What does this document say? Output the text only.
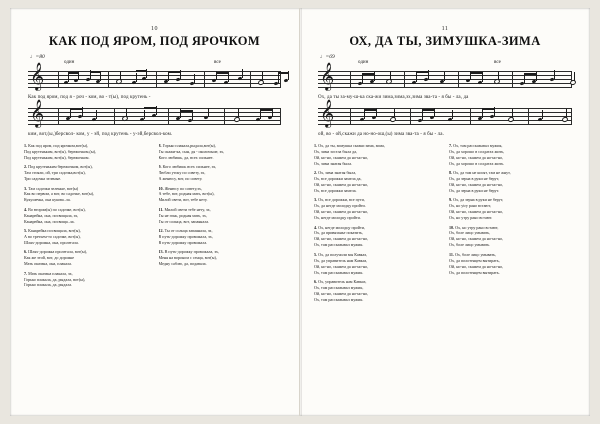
10
КАК ПОД ЯРОМ, ПОД ЯРОЧКОМ
♩=80
один	все
𝄞
Как под яром, под я - роч - ком, во - т(ы), под крутень -
𝄞
ким, вот,(ы,)берсвол- ком, у - эй, под крутень - у-эй,берсвол-ком.
1. Как под яром, под ярочком,вот(ы),
Под крутеньким, вот(ы), бережочком,(ы),
Под крутеньким, вот(ы), бережочком.
2. Под крутеньким бережочком, вот(ы),
Там стояли, ой, три садочка,вот(ы),
Три садочка зеленые.
3. Там садочки зеленые, вот(ы)
Как во первом, а вот, во садочке, вот(ы),
Кукушечка, она кукова..ла.
4. Во втором(ы) по садочке, вот(ы),
Канарейка, она, посвищала, эх,
Канарейка, она, посвища..ла.
5. Канарейка посвищала, вот(ы),
А во третьем-то садочке, вот(ы),
Шлях-дорожка, она, пролегала.
6. Шлях-дорожка пролегала, вот(ы),
Как же этой, вот, до дорожке
Мать окачьча, она, плакала.
7. Мать окачьча плакала, эх,
Горько плакала, да, рыдала, вот(ы),
Горько плакала, да, рыдала.
8. Горько плакала,рыдала,вот(ы),
Ты скажи-ка, сын, дя - околичьше, эх,
Кого любишь, да, всех сильнее.
9. Кого любишь всех сильнее, эх,
Любли утоку по совету, эх,
А женюсу, вот, по совету.
10. Женюсу по совету,эх,
А тебе, вот, родная мать, вот(ы),
Милой свети, вот, тебе нету.
11. Милой свети тебе нету, эх,
Ты не гонь, родная мать, эх,
Ты от солнца, вот, запаянала.
12. Ты от солнца запаянала, эх,
В путь-дорожку провожала, эх,
В путь-дорожку провожала.
13. В путь-дорожку провожала, эх,
Меня на воронoм с сенца, вот(ы),
Медну саблю, да, подавала.
11
ОХ, ДА ТЫ, ЗИМУШКА-ЗИМА
♩=69
один	все
𝄞
Ох, да ты за-му-ш-ка ска-жи зима,зима,эх,зима зва-та - я бы - ла, да
𝄞
ой, во - ой,скажи дa но-но-ош,(ы) зима зва-та - я бы - ла.
1. Ох, да ты, зимушка сказки зима, зима,
Ох, зима зостла была да,
Ой, но-но, скажем да но-но-но,
Ох, зима знатая была.
2. Ох, зима знатая была,
Ох, все дорожки замела да,
Ой, но-но, скажем да но-но-но,
Ох, все дорожки замела.
3. Ох, все дорожки, все пути,
Ох, да негде молодцу пройти.
Ой, но-но, скажем да но-но-но,
Ох, негде молодцу пройти.
4. Ох, негде молодцу пройти,
Ох, да привязанье покатить,
Ой, но-но, скажем да но-но-но,
Ох, там рассказывал мужик.
5. Ох, да получили мы Кавказ,
Ох, да управитель нам Кавказ,
Ой, но-но, скажем да но-но-но,
Ох, там рассказывал мужик.
6. Ох, управитель нам Кавказ,
Ох, там рассказывал мужик,
Ой, но-но, скажем да но-но-но,
Ох, там рассказывал мужик.
7. Ох, там рассказывал мужик,
Ох, да хорошо в солдатах жить,
Ой, но-но, скажем да но-но-но,
Ох, да хорошо в солдатах жить.
8. Ох, да там не кисят, там не жнут,
Ох, да зерна в руки не берут,
Ой, но-но, скажем да но-но-но,
Ох, да зерна в руки не берут.
9. Ох, да зерна в руки не берут,
Ох, но уtrу ранo встают,
Ой, но-но, скажем да но-но-но,
Ох, но утру рано встают.
10. Ох, но утру рано встают,
Ох, боле лицо умывать,
Ой, но-но, скажем да но-но-но,
Ох, боле лицо умывать.
11. Ох, боле лицо умывать,
Ох, да полотенцем вытирать,
Ой, но-но, скажем да но-но-но,
Ох, да полотенцем вытирать.
